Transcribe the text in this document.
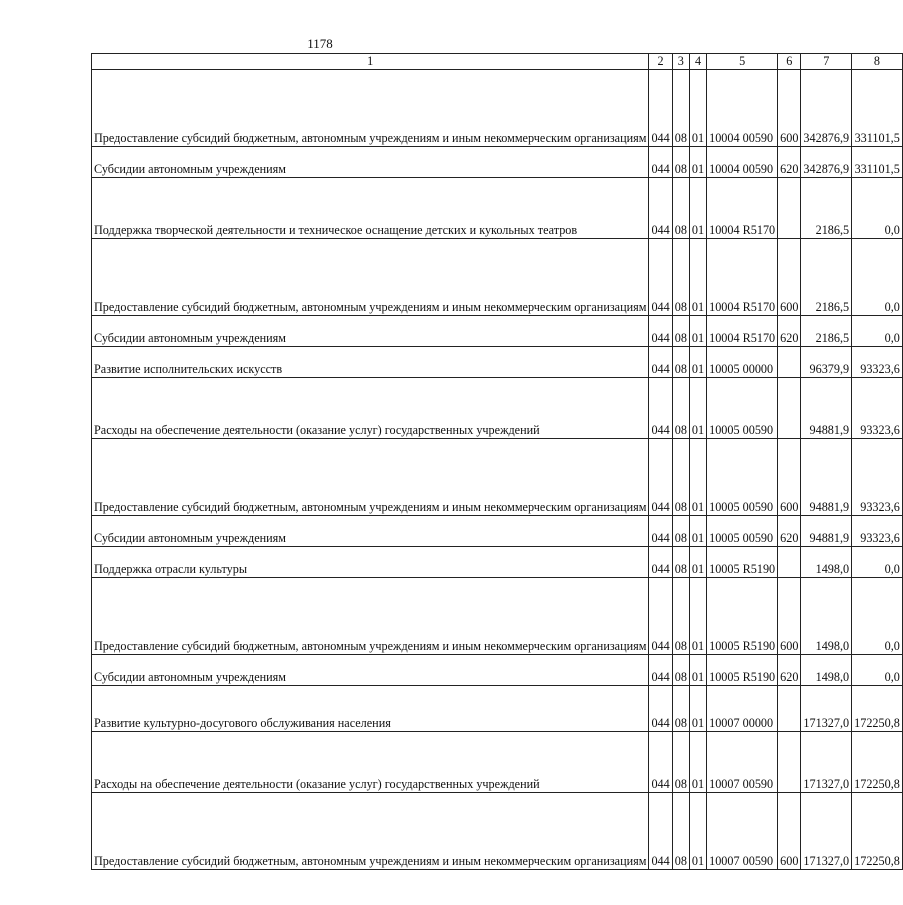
1178
1	2	3	4	5	6	7	8
Предоставление субсидий бюджетным, автономным учреждениям и иным некоммерческим организациям	044	08	01	10004 00590	600	342876,9	331101,5
Субсидии автономным учреждениям	044	08	01	10004 00590	620	342876,9	331101,5
Поддержка творческой деятельности и техническое оснащение детских и кукольных театров	044	08	01	10004 R5170		2186,5	0,0
Предоставление субсидий бюджетным, автономным учреждениям и иным некоммерческим организациям	044	08	01	10004 R5170	600	2186,5	0,0
Субсидии автономным учреждениям	044	08	01	10004 R5170	620	2186,5	0,0
Развитие исполнительских искусств	044	08	01	10005 00000		96379,9	93323,6
Расходы на обеспечение деятельности (оказание услуг) государственных учреждений	044	08	01	10005 00590		94881,9	93323,6
Предоставление субсидий бюджетным, автономным учреждениям и иным некоммерческим организациям	044	08	01	10005 00590	600	94881,9	93323,6
Субсидии автономным учреждениям	044	08	01	10005 00590	620	94881,9	93323,6
Поддержка отрасли культуры	044	08	01	10005 R5190		1498,0	0,0
Предоставление субсидий бюджетным, автономным учреждениям и иным некоммерческим организациям	044	08	01	10005 R5190	600	1498,0	0,0
Субсидии автономным учреждениям	044	08	01	10005 R5190	620	1498,0	0,0
Развитие культурно-досугового обслуживания населения	044	08	01	10007 00000		171327,0	172250,8
Расходы на обеспечение деятельности (оказание услуг) государственных учреждений	044	08	01	10007 00590		171327,0	172250,8
Предоставление субсидий бюджетным, автономным учреждениям и иным некоммерческим организациям	044	08	01	10007 00590	600	171327,0	172250,8
